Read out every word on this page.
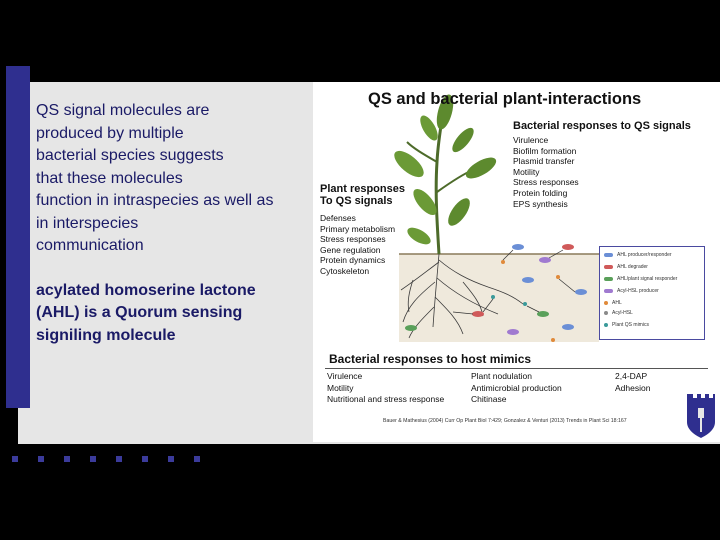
QS signal molecules are
produced by multiple
bacterial species suggests
that these molecules
function in intraspecies as well as
in interspecies
communication

acylated homoserine lactone
(AHL) is a Quorum sensing
signiling molecule

QS and bacterial plant-interactions
Bacterial responses to QS signals
Virulence
Biofilm formation
Plasmid transfer
Motility
Stress responses
Protein folding
EPS synthesis
Plant responses
To QS signals
Defenses
Primary metabolism
Stress responses
Gene regulation
Protein dynamics
Cytoskeleton
AHL producer/responder
AHL degrader
AHL/plant signal responder
Acyl-HSL producer
AHL
Acyl-HSL
Plant QS mimics
Bacterial responses to host mimics
Virulence
Motility
Nutritional and stress response
Plant nodulation
Antimicrobial production
Chitinase
2,4-DAP
Adhesion
Bauer & Mathesius (2004) Curr Op Plant Biol 7:429; Gonzalez & Venturi (2013) Trends in Plant Sci 18:167
